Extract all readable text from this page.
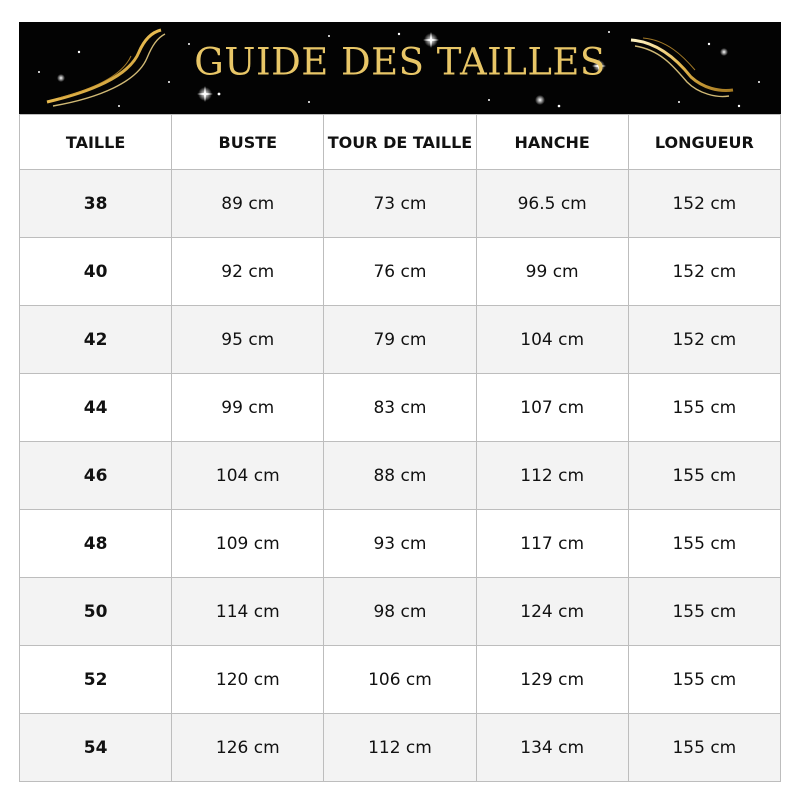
GUIDE DES TAILLES
TAILLE	BUSTE	TOUR DE TAILLE	HANCHE	LONGUEUR
38	89 cm	73 cm	96.5 cm	152 cm
40	92 cm	76 cm	99 cm	152 cm
42	95 cm	79 cm	104 cm	152 cm
44	99 cm	83 cm	107 cm	155 cm
46	104 cm	88 cm	112 cm	155 cm
48	109 cm	93 cm	117 cm	155 cm
50	114 cm	98 cm	124 cm	155 cm
52	120 cm	106 cm	129 cm	155 cm
54	126 cm	112 cm	134 cm	155 cm
